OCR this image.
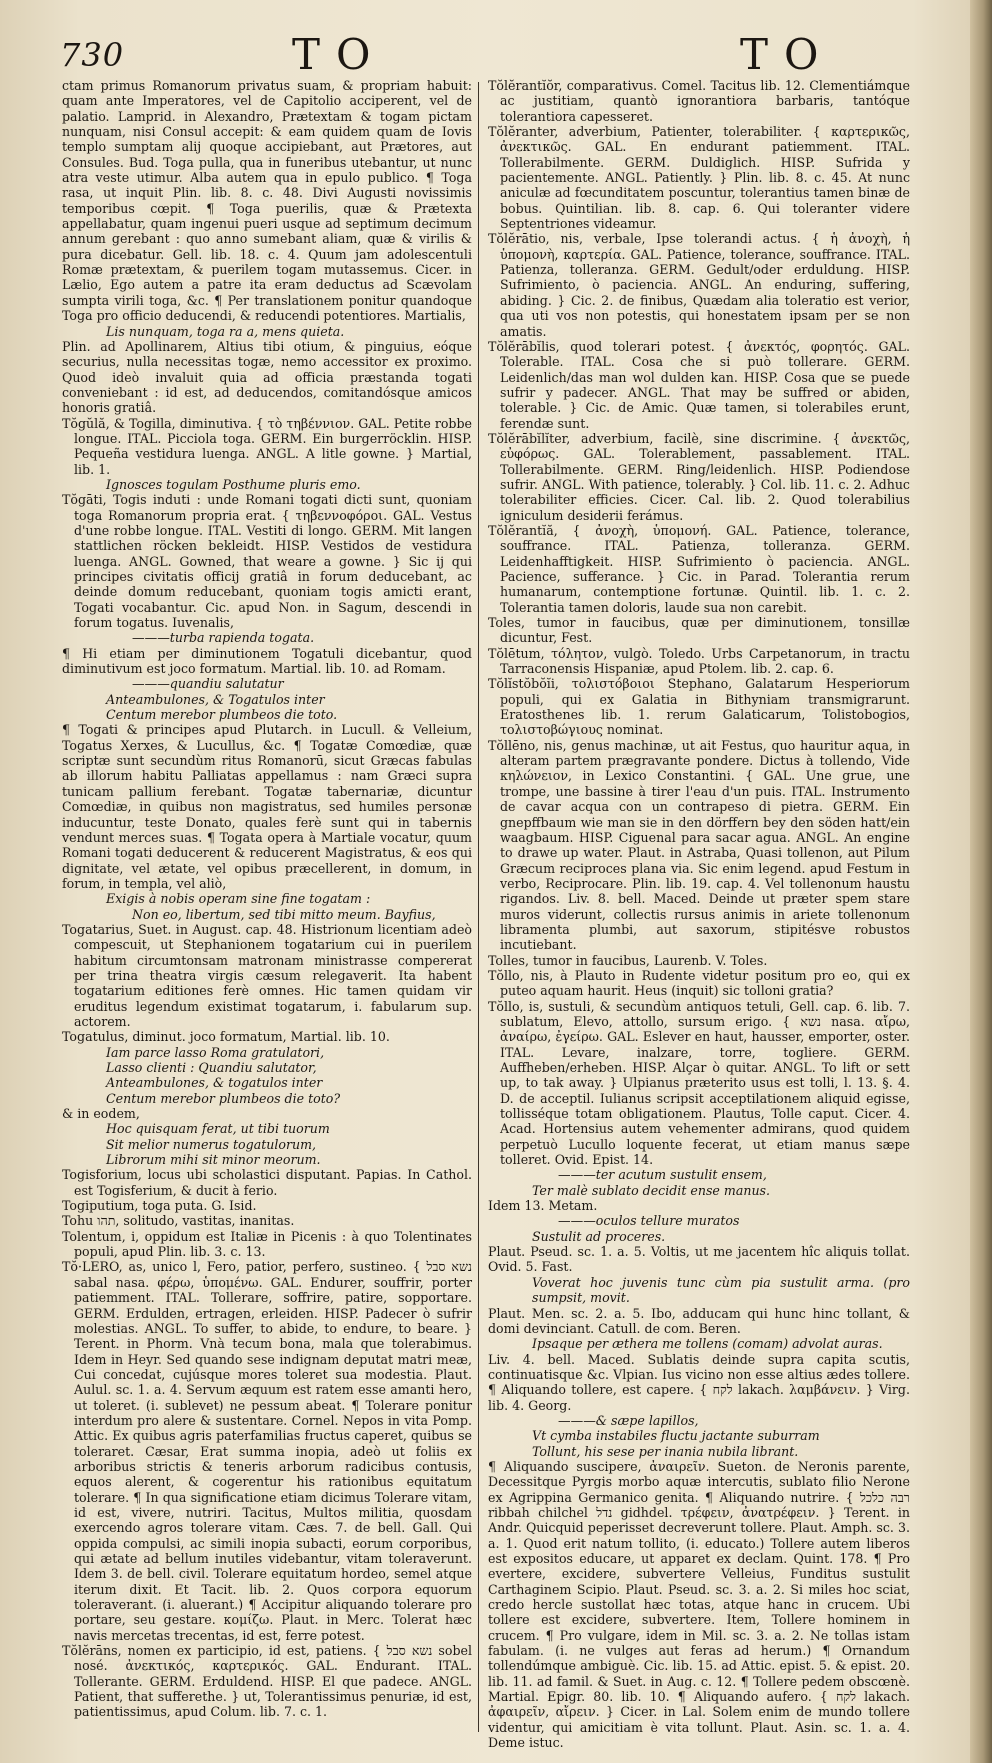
730	TO	TO

ctam primus Romanorum privatus suam, & propriam habuit: quam ante Imperatores, vel de Capitolio acciperent, vel de palatio. Lamprid. in Alexandro, Prætextam & togam pictam nunquam, nisi Consul accepit: & eam quidem quam de Iovis templo sumptam alij quoque accipiebant, aut Prætores, aut Consules. Bud. Toga pulla, qua in funeribus utebantur, ut nunc atra veste utimur. Alba autem qua in epulo publico. ¶ Toga rasa, ut inquit Plin. lib. 8. c. 48. Divi Augusti novissimis temporibus cœpit. ¶ Toga puerilis, quæ & Prætexta appellabatur, quam ingenui pueri usque ad septimum decimum annum gerebant : quo anno sumebant aliam, quæ & virilis & pura dicebatur. Gell. lib. 18. c. 4. Quum jam adolescentuli Romæ prætextam, & puerilem togam mutassemus. Cicer. in Lælio, Ego autem a patre ita eram deductus ad Scævolam sumpta virili toga, &c. ¶ Per translationem ponitur quandoque Toga pro officio deducendi, & reducendi potentiores. Martialis,

Lis nunquam, toga ra a, mens quieta.

Plin. ad Apollinarem, Altius tibi otium, & pinguius, eóque securius, nulla necessitas togæ, nemo accessitor ex proximo. Quod ideò invaluit quia ad officia præstanda togati conveniebant : id est, ad deducendos, comitandósque amicos honoris gratiâ.

Tŏgŭlă, & Togilla, diminutiva. { τὸ τηβέννιον. GAL. Petite robbe longue. ITAL. Picciola toga. GERM. Ein burgerröcklin. HISP. Pequeña vestidura luenga. ANGL. A litle gowne. } Martial, lib. 1.

Ignosces togulam Posthume pluris emo.

Tŏgāti, Togis induti : unde Romani togati dicti sunt, quoniam toga Romanorum propria erat. { τηβεννοφόροι. GAL. Vestus d'une robbe longue. ITAL. Vestiti di longo. GERM. Mit langen stattlichen röcken bekleidt. HISP. Vestidos de vestidura luenga. ANGL. Gowned, that weare a gowne. } Sic ij qui principes civitatis officij gratiâ in forum deducebant, ac deinde domum reducebant, quoniam togis amicti erant, Togati vocabantur. Cic. apud Non. in Sagum, descendi in forum togatus. Iuvenalis,

———turba rapienda togata.

¶ Hi etiam per diminutionem Togatuli dicebantur, quod diminutivum est joco formatum. Martial. lib. 10. ad Romam.

———quandiu salutatur

Anteambulones, & Togatulos inter

Centum merebor plumbeos die toto.

¶ Togati & principes apud Plutarch. in Lucull. & Velleium, Togatus Xerxes, & Lucullus, &c. ¶ Togatæ Comœdiæ, quæ scriptæ sunt secundùm ritus Romanorū, sicut Græcas fabulas ab illorum habitu Palliatas appellamus : nam Græci supra tunicam pallium ferebant. Togatæ tabernariæ, dicuntur Comœdiæ, in quibus non magistratus, sed humiles personæ inducuntur, teste Donato, quales ferè sunt qui in tabernis vendunt merces suas. ¶ Togata opera à Martiale vocatur, quum Romani togati deducerent & reducerent Magistratus, & eos qui dignitate, vel ætate, vel opibus præcellerent, in domum, in forum, in templa, vel aliò,

Exigis à nobis operam sine fine togatam :

Non eo, libertum, sed tibi mitto meum. Bayfius,

Togatarius, Suet. in August. cap. 48. Histrionum licentiam adeò compescuit, ut Stephanionem togatarium cui in puerilem habitum circumtonsam matronam ministrasse compererat per trina theatra virgis cæsum relegaverit. Ita habent togatarium editiones ferè omnes. Hic tamen quidam vir eruditus legendum existimat togatarum, i. fabularum sup. actorem.

Togatulus, diminut. joco formatum, Martial. lib. 10.

Iam parce lasso Roma gratulatori,

Lasso clienti : Quandiu salutator,

Anteambulones, & togatulos inter

Centum merebor plumbeos die toto?

& in eodem,

Hoc quisquam ferat, ut tibi tuorum

Sit melior numerus togatulorum,

Librorum mihi sit minor meorum.

Togisforium, locus ubi scholastici disputant. Papias. In Cathol. est Togisferium, & ducit à ferio.

Togiputium, toga puta. G. Isid.

Tohu תהו, solitudo, vastitas, inanitas.

Tolentum, i, oppidum est Italiæ in Picenis : à quo Tolentinates populi, apud Plin. lib. 3. c. 13.

Tŏ·LERO, as, unico l, Fero, patior, perfero, sustineo. { נשא סבל sabal nasa. φέρω, ὑπομένω. GAL. Endurer, souffrir, porter patiemment. ITAL. Tollerare, soffrire, patire, sopportare. GERM. Erdulden, ertragen, erleiden. HISP. Padecer ò sufrir molestias. ANGL. To suffer, to abide, to endure, to beare. } Terent. in Phorm. Vnà tecum bona, mala que tolerabimus. Idem in Heyr. Sed quando sese indignam deputat matri meæ, Cui concedat, cujúsque mores toleret sua modestia. Plaut. Aulul. sc. 1. a. 4. Servum æquum est ratem esse amanti hero, ut toleret. (i. sublevet) ne pessum abeat. ¶ Tolerare ponitur interdum pro alere & sustentare. Cornel. Nepos in vita Pomp. Attic. Ex quibus agris paterfamilias fructus caperet, quibus se toleraret. Cæsar, Erat summa inopia, adeò ut foliis ex arboribus strictis & teneris arborum radicibus contusis, equos alerent, & cogerentur his rationibus equitatum tolerare. ¶ In qua significatione etiam dicimus Tolerare vitam, id est, vivere, nutriri. Tacitus, Multos militia, quosdam exercendo agros tolerare vitam. Cæs. 7. de bell. Gall. Qui oppida compulsi, ac simili inopia subacti, eorum corporibus, qui ætate ad bellum inutiles videbantur, vitam toleraverunt. Idem 3. de bell. civil. Tolerare equitatum hordeo, semel atque iterum dixit. Et Tacit. lib. 2. Quos corpora equorum toleraverant. (i. aluerant.) ¶ Accipitur aliquando tolerare pro portare, seu gestare. κομίζω. Plaut. in Merc. Tolerat hæc navis mercetas trecentas, id est, ferre potest.

Tŏlĕrāns, nomen ex participio, id est, patiens. { נשא סבל sobel nosé. ἀνεκτικός, καρτερικός. GAL. Endurant. ITAL. Tollerante. GERM. Erduldend. HISP. El que padece. ANGL. Patient, that sufferethe. } ut, Tolerantissimus penuriæ, id est, patientissimus, apud Colum. lib. 7. c. 1.

Tŏlĕrantĭŏr, comparativus. Comel. Tacitus lib. 12. Clementiámque ac justitiam, quantò ignorantiora barbaris, tantóque tolerantiora capesseret.

Tŏlĕranter, adverbium, Patienter, tolerabiliter. { καρτερικῶς, ἀνεκτικῶς. GAL. En endurant patiemment. ITAL. Tollerabilmente. GERM. Duldiglich. HISP. Sufrida y pacientemente. ANGL. Patiently. } Plin. lib. 8. c. 45. At nunc aniculæ ad fœcunditatem poscuntur, tolerantius tamen binæ de bobus. Quintilian. lib. 8. cap. 6. Qui toleranter videre Septentriones videamur.

Tŏlĕrātio, nis, verbale, Ipse tolerandi actus. { ἡ ἀνοχὴ, ἡ ὑπομονὴ, καρτερία. GAL. Patience, tolerance, souffrance. ITAL. Patienza, tolleranza. GERM. Gedult/oder erduldung. HISP. Sufrimiento, ò paciencia. ANGL. An enduring, suffering, abiding. } Cic. 2. de finibus, Quædam alia toleratio est verior, qua uti vos non potestis, qui honestatem ipsam per se non amatis.

Tŏlĕrābĭlis, quod tolerari potest. { ἀνεκτός, φορητός. GAL. Tolerable. ITAL. Cosa che si può tollerare. GERM. Leidenlich/das man wol dulden kan. HISP. Cosa que se puede sufrir y padecer. ANGL. That may be suffred or abiden, tolerable. } Cic. de Amic. Quæ tamen, si tolerabiles erunt, ferendæ sunt.

Tŏlĕrābĭlĭter, adverbium, facilè, sine discrimine. { ἀνεκτῶς, εὐφόρως. GAL. Tolerablement, passablement. ITAL. Tollerabilmente. GERM. Ring/leidenlich. HISP. Podiendose sufrir. ANGL. With patience, tolerably. } Col. lib. 11. c. 2. Adhuc tolerabiliter efficies. Cicer. Cal. lib. 2. Quod tolerabilius igniculum desiderii ferámus.

Tŏlĕrantĭă, { ἀνοχὴ, ὑπομονή. GAL. Patience, tolerance, souffrance. ITAL. Patienza, tolleranza. GERM. Leidenhafftigkeit. HISP. Sufrimiento ò paciencia. ANGL. Pacience, sufferance. } Cic. in Parad. Tolerantia rerum humanarum, contemptione fortunæ. Quintil. lib. 1. c. 2. Tolerantia tamen doloris, laude sua non carebit.

Toles, tumor in faucibus, quæ per diminutionem, tonsillæ dicuntur, Fest.

Tŏlētum, τόλητον, vulgò. Toledo. Urbs Carpetanorum, in tractu Tarraconensis Hispaniæ, apud Ptolem. lib. 2. cap. 6.

Tŏlĭstŏbŏĭi, τολιστόβοιοι Stephano, Galatarum Hesperiorum populi, qui ex Galatia in Bithyniam transmigrarunt. Eratosthenes lib. 1. rerum Galaticarum, Tolistobogios, τολιστοβώγιους nominat.

Tŏllēno, nis, genus machinæ, ut ait Festus, quo hauritur aqua, in alteram partem prægravante pondere. Dictus à tollendo, Vide κηλώνειον, in Lexico Constantini. { GAL. Une grue, une trompe, une bassine à tirer l'eau d'un puis. ITAL. Instrumento de cavar acqua con un contrapeso di pietra. GERM. Ein gnepffbaum wie man sie in den dörffern bey den söden hatt/ein waagbaum. HISP. Ciguenal para sacar agua. ANGL. An engine to drawe up water. Plaut. in Astraba, Quasi tollenon, aut Pilum Græcum reciproces plana via. Sic enim legend. apud Festum in verbo, Reciprocare. Plin. lib. 19. cap. 4. Vel tollenonum haustu rigandos. Liv. 8. bell. Maced. Deinde ut præter spem stare muros viderunt, collectis rursus animis in ariete tollenonum libramenta plumbi, aut saxorum, stipitésve robustos incutiebant.

Tolles, tumor in faucibus, Laurenb. V. Toles.

Tŏllo, nis, à Plauto in Rudente videtur positum pro eo, qui ex puteo aquam haurit. Heus (inquit) sic tolloni gratia?

Tŏllo, is, sustuli, & secundùm antiquos tetuli, Gell. cap. 6. lib. 7. sublatum, Elevo, attollo, sursum erigo. { נשא nasa. αἴρω, ἀναίρω, ἐγείρω. GAL. Eslever en haut, hausser, emporter, oster. ITAL. Levare, inalzare, torre, togliere. GERM. Auffheben/erheben. HISP. Alçar ò quitar. ANGL. To lift or sett up, to tak away. } Ulpianus præterito usus est tolli, l. 13. §. 4. D. de acceptil. Iulianus scripsit acceptilationem aliquid egisse, tollisséque totam obligationem. Plautus, Tolle caput. Cicer. 4. Acad. Hortensius autem vehementer admirans, quod quidem perpetuò Lucullo loquente fecerat, ut etiam manus sæpe tolleret. Ovid. Epist. 14.

———ter acutum sustulit ensem,

Ter malè sublato decidit ense manus.

Idem 13. Metam.

———oculos tellure muratos

Sustulit ad proceres.

Plaut. Pseud. sc. 1. a. 5. Voltis, ut me jacentem hîc aliquis tollat. Ovid. 5. Fast.

Voverat hoc juvenis tunc cùm pia sustulit arma. (pro sumpsit, movit.

Plaut. Men. sc. 2. a. 5. Ibo, adducam qui hunc hinc tollant, & domi devinciant. Catull. de com. Beren.

Ipsaque per æthera me tollens (comam) advolat auras.

Liv. 4. bell. Maced. Sublatis deinde supra capita scutis, continuatisque &c. Vlpian. Ius vicino non esse altius ædes tollere. ¶ Aliquando tollere, est capere. { לקח lakach. λαμβάνειν. } Virg. lib. 4. Georg.

———& sæpe lapillos,

Vt cymba instabiles fluctu jactante suburram

Tollunt, his sese per inania nubila librant.

¶ Aliquando suscipere, ἀναιρεῖν. Sueton. de Neronis parente, Decessitque Pyrgis morbo aquæ intercutis, sublato filio Nerone ex Agrippina Germanico genita. ¶ Aliquando nutrire. { רבה כלכל ribbah chilchel נדל gidhdel. τρέφειν, ἀνατρέφειν. } Terent. in Andr. Quicquid peperisset decreverunt tollere. Plaut. Amph. sc. 3. a. 1. Quod erit natum tollito, (i. educato.) Tollere autem liberos est expositos educare, ut apparet ex declam. Quint. 178. ¶ Pro evertere, excidere, subvertere Velleius, Funditus sustulit Carthaginem Scipio. Plaut. Pseud. sc. 3. a. 2. Si miles hoc sciat, credo hercle sustollat hæc totas, atque hanc in crucem. Ubi tollere est excidere, subvertere. Item, Tollere hominem in crucem. ¶ Pro vulgare, idem in Mil. sc. 3. a. 2. Ne tollas istam fabulam. (i. ne vulges aut feras ad herum.) ¶ Ornandum tollendúmque ambiguè. Cic. lib. 15. ad Attic. epist. 5. & epist. 20. lib. 11. ad famil. & Suet. in Aug. c. 12. ¶ Tollere pedem obscœnè. Martial. Epigr. 80. lib. 10. ¶ Aliquando aufero. { לקח lakach. ἀφαιρεῖν, αἴρειν. } Cicer. in Lal. Solem enim de mundo tollere videntur, qui amicitiam è vita tollunt. Plaut. Asin. sc. 1. a. 4. Deme istuc.
